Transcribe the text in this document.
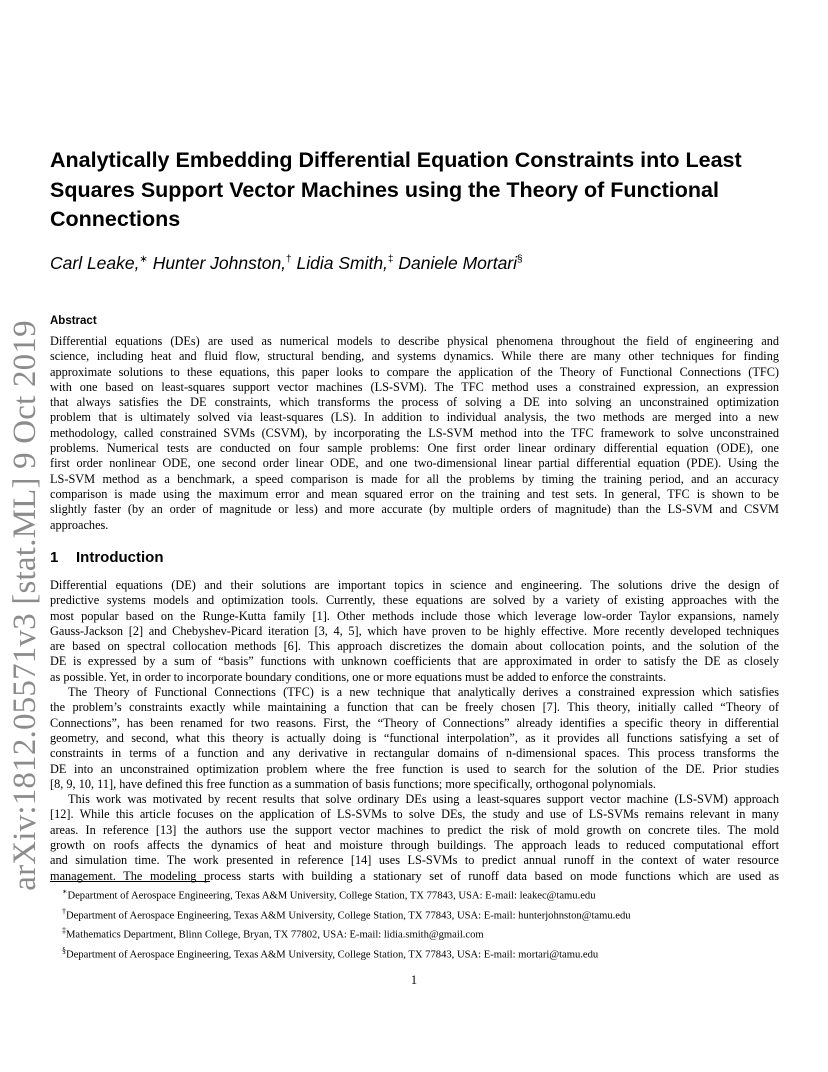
arXiv:1812.05571v3 [stat.ML] 9 Oct 2019
Analytically Embedding Differential Equation Constraints into Least
Squares Support Vector Machines using the Theory of Functional
Connections
Carl Leake,∗ Hunter Johnston,† Lidia Smith,‡ Daniele Mortari§
Abstract
Differential equations (DEs) are used as numerical models to describe physical phenomena throughout the field of engineering and
science, including heat and fluid flow, structural bending, and systems dynamics. While there are many other techniques for finding
approximate solutions to these equations, this paper looks to compare the application of the Theory of Functional Connections (TFC)
with one based on least-squares support vector machines (LS-SVM). The TFC method uses a constrained expression, an expression
that always satisfies the DE constraints, which transforms the process of solving a DE into solving an unconstrained optimization
problem that is ultimately solved via least-squares (LS). In addition to individual analysis, the two methods are merged into a new
methodology, called constrained SVMs (CSVM), by incorporating the LS-SVM method into the TFC framework to solve unconstrained
problems. Numerical tests are conducted on four sample problems: One first order linear ordinary differential equation (ODE), one
first order nonlinear ODE, one second order linear ODE, and one two-dimensional linear partial differential equation (PDE). Using the
LS-SVM method as a benchmark, a speed comparison is made for all the problems by timing the training period, and an accuracy
comparison is made using the maximum error and mean squared error on the training and test sets. In general, TFC is shown to be
slightly faster (by an order of magnitude or less) and more accurate (by multiple orders of magnitude) than the LS-SVM and CSVM
approaches.
1 Introduction
Differential equations (DE) and their solutions are important topics in science and engineering. The solutions drive the design of
predictive systems models and optimization tools. Currently, these equations are solved by a variety of existing approaches with the
most popular based on the Runge-Kutta family [1]. Other methods include those which leverage low-order Taylor expansions, namely
Gauss-Jackson [2] and Chebyshev-Picard iteration [3, 4, 5], which have proven to be highly effective. More recently developed techniques
are based on spectral collocation methods [6]. This approach discretizes the domain about collocation points, and the solution of the
DE is expressed by a sum of “basis” functions with unknown coefficients that are approximated in order to satisfy the DE as closely
as possible. Yet, in order to incorporate boundary conditions, one or more equations must be added to enforce the constraints.
The Theory of Functional Connections (TFC) is a new technique that analytically derives a constrained expression which satisfies
the problem’s constraints exactly while maintaining a function that can be freely chosen [7]. This theory, initially called “Theory of
Connections”, has been renamed for two reasons. First, the “Theory of Connections” already identifies a specific theory in differential
geometry, and second, what this theory is actually doing is “functional interpolation”, as it provides all functions satisfying a set of
constraints in terms of a function and any derivative in rectangular domains of n-dimensional spaces. This process transforms the
DE into an unconstrained optimization problem where the free function is used to search for the solution of the DE. Prior studies
[8, 9, 10, 11], have defined this free function as a summation of basis functions; more specifically, orthogonal polynomials.
This work was motivated by recent results that solve ordinary DEs using a least-squares support vector machine (LS-SVM) approach
[12]. While this article focuses on the application of LS-SVMs to solve DEs, the study and use of LS-SVMs remains relevant in many
areas. In reference [13] the authors use the support vector machines to predict the risk of mold growth on concrete tiles. The mold
growth on roofs affects the dynamics of heat and moisture through buildings. The approach leads to reduced computational effort
and simulation time. The work presented in reference [14] uses LS-SVMs to predict annual runoff in the context of water resource
management. The modeling process starts with building a stationary set of runoff data based on mode functions which are used as
∗Department of Aerospace Engineering, Texas A&M University, College Station, TX 77843, USA: E-mail: leakec@tamu.edu
†Department of Aerospace Engineering, Texas A&M University, College Station, TX 77843, USA: E-mail: hunterjohnston@tamu.edu
‡Mathematics Department, Blinn College, Bryan, TX 77802, USA: E-mail: lidia.smith@gmail.com
§Department of Aerospace Engineering, Texas A&M University, College Station, TX 77843, USA: E-mail: mortari@tamu.edu
1
